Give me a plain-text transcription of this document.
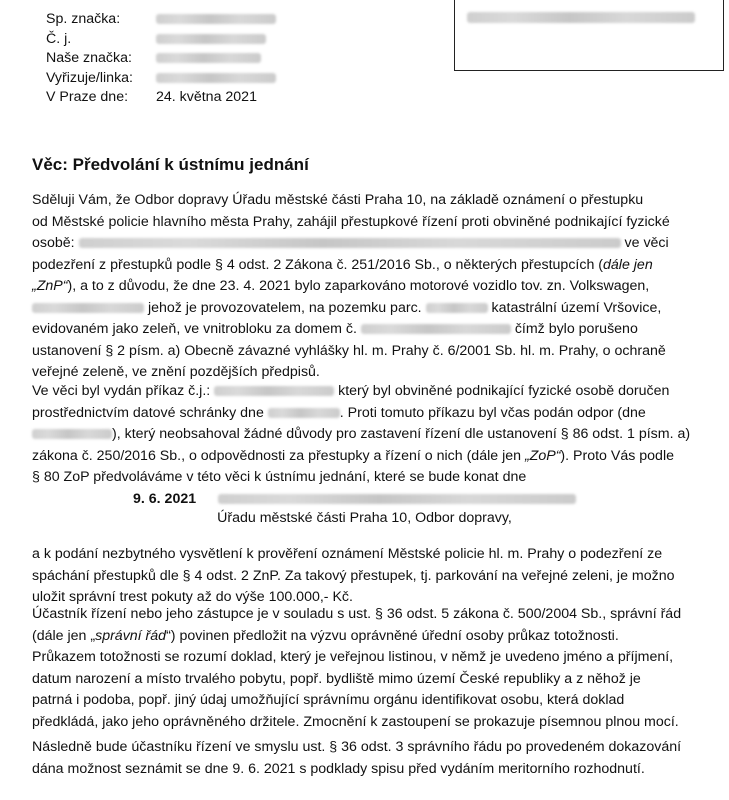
Sp. značka:
Č. j.
Naše značka:
Vyřizuje/linka:
V Praze dne: 24. května 2021
Věc: Předvolání k ústnímu jednání
Sděluji Vám, že Odbor dopravy Úřadu městské části Praha 10, na základě oznámení o přestupku
od Městské policie hlavního města Prahy, zahájil přestupkové řízení proti obviněné podnikající fyzické
osobě:	ve věci
podezření z přestupků podle § 4 odst. 2 Zákona č. 251/2016 Sb., o některých přestupcích (dále jen
„ZnP“), a to z důvodu, že dne 23. 4. 2021 bylo zaparkováno motorové vozidlo tov. zn. Volkswagen,
jehož je provozovatelem, na pozemku parc.	katastrální území Vršovice,
evidovaném jako zeleň, ve vnitrobloku za domem č.	čímž bylo porušeno
ustanovení § 2 písm. a) Obecně závazné vyhlášky hl. m. Prahy č. 6/2001 Sb. hl. m. Prahy, o ochraně
veřejné zeleně, ve znění pozdějších předpisů.
Ve věci byl vydán příkaz č.j.:	který byl obviněné podnikající fyzické osobě doručen
prostřednictvím datové schránky dne	. Proti tomuto příkazu byl včas podán odpor (dne
), který neobsahoval žádné důvody pro zastavení řízení dle ustanovení § 86 odst. 1 písm. a)
zákona č. 250/2016 Sb., o odpovědnosti za přestupky a řízení o nich (dále jen „ZoP“). Proto Vás podle
§ 80 ZoP předvoláváme v této věci k ústnímu jednání, které se bude konat dne
9. 6. 2021
Úřadu městské části Praha 10, Odbor dopravy,
a k podání nezbytného vysvětlení k prověření oznámení Městské policie hl. m. Prahy o podezření ze
spáchání přestupků dle § 4 odst. 2 ZnP. Za takový přestupek, tj. parkování na veřejné zeleni, je možno
uložit správní trest pokuty až do výše 100.000,- Kč.
Účastník řízení nebo jeho zástupce je v souladu s ust. § 36 odst. 5 zákona č. 500/2004 Sb., správní řád
(dále jen „správní řád“) povinen předložit na výzvu oprávněné úřední osoby průkaz totožnosti.
Průkazem totožnosti se rozumí doklad, který je veřejnou listinou, v němž je uvedeno jméno a příjmení,
datum narození a místo trvalého pobytu, popř. bydliště mimo území České republiky a z něhož je
patrná i podoba, popř. jiný údaj umožňující správnímu orgánu identifikovat osobu, která doklad
předkládá, jako jeho oprávněného držitele. Zmocnění k zastoupení se prokazuje písemnou plnou mocí.
Následně bude účastníku řízení ve smyslu ust. § 36 odst. 3 správního řádu po provedeném dokazování
dána možnost seznámit se dne 9. 6. 2021 s podklady spisu před vydáním meritorního rozhodnutí.
